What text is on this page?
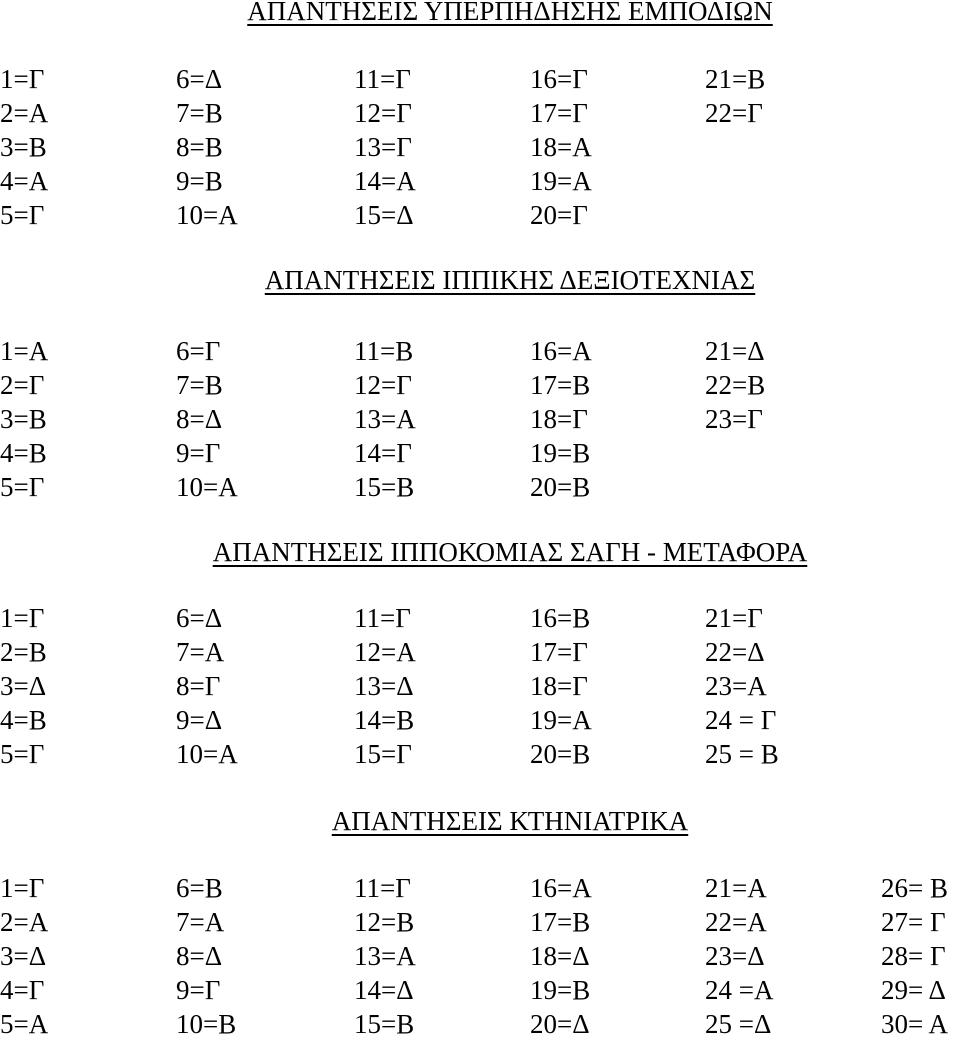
ΑΠΑΝΤΗΣΕΙΣ ΥΠΕΡΠΗΔΗΣΗΣ ΕΜΠΟΔΙΩΝ
1=Γ	6=Δ	11=Γ	16=Γ	21=Β
2=Α	7=Β	12=Γ	17=Γ	22=Γ
3=Β	8=Β	13=Γ	18=Α
4=Α	9=Β	14=Α	19=Α
5=Γ	10=Α	15=Δ	20=Γ
ΑΠΑΝΤΗΣΕΙΣ ΙΠΠΙΚΗΣ ΔΕΞΙΟΤΕΧΝΙΑΣ
1=Α	6=Γ	11=Β	16=Α	21=Δ
2=Γ	7=Β	12=Γ	17=Β	22=Β
3=Β	8=Δ	13=Α	18=Γ	23=Γ
4=Β	9=Γ	14=Γ	19=Β
5=Γ	10=Α	15=Β	20=Β
ΑΠΑΝΤΗΣΕΙΣ ΙΠΠΟΚΟΜΙΑΣ ΣΑΓΗ - ΜΕΤΑΦΟΡΑ
1=Γ	6=Δ	11=Γ	16=Β	21=Γ
2=Β	7=Α	12=Α	17=Γ	22=Δ
3=Δ	8=Γ	13=Δ	18=Γ	23=Α
4=Β	9=Δ	14=Β	19=Α	24 = Γ
5=Γ	10=Α	15=Γ	20=Β	25 = Β
ΑΠΑΝΤΗΣΕΙΣ ΚΤΗΝΙΑΤΡΙΚΑ
1=Γ	6=Β	11=Γ	16=Α	21=Α	26= Β
2=Α	7=Α	12=Β	17=Β	22=Α	27= Γ
3=Δ	8=Δ	13=Α	18=Δ	23=Δ	28= Γ
4=Γ	9=Γ	14=Δ	19=Β	24 =Α	29= Δ
5=Α	10=Β	15=Β	20=Δ	25 =Δ	30= Α
